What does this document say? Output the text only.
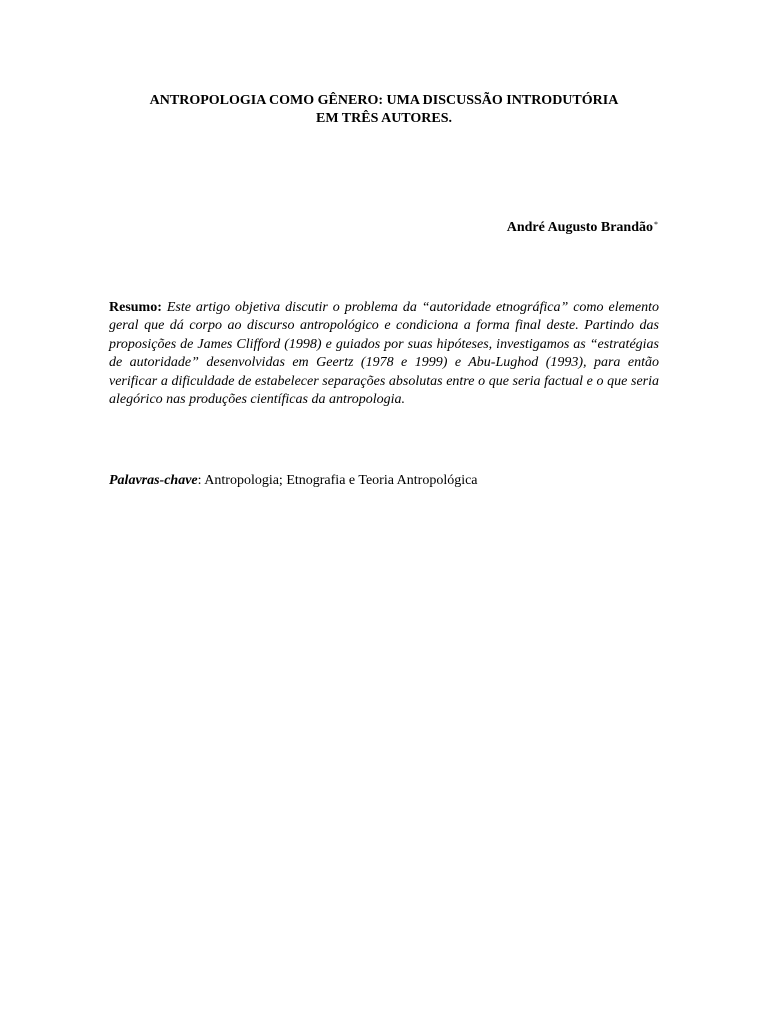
ANTROPOLOGIA COMO GÊNERO: UMA DISCUSSÃO INTRODUTÓRIA
EM TRÊS AUTORES.
André Augusto Brandão*
Resumo: Este artigo objetiva discutir o problema da “autoridade etnográfica” como elemento geral que dá corpo ao discurso antropológico e condiciona a forma final deste. Partindo das proposições de James Clifford (1998) e guiados por suas hipóteses, investigamos as “estratégias de autoridade” desenvolvidas em Geertz (1978 e 1999) e Abu-Lughod (1993), para então verificar a dificuldade de estabelecer separações absolutas entre o que seria factual e o que seria alegórico nas produções científicas da antropologia.
Palavras-chave: Antropologia; Etnografia e Teoria Antropológica
